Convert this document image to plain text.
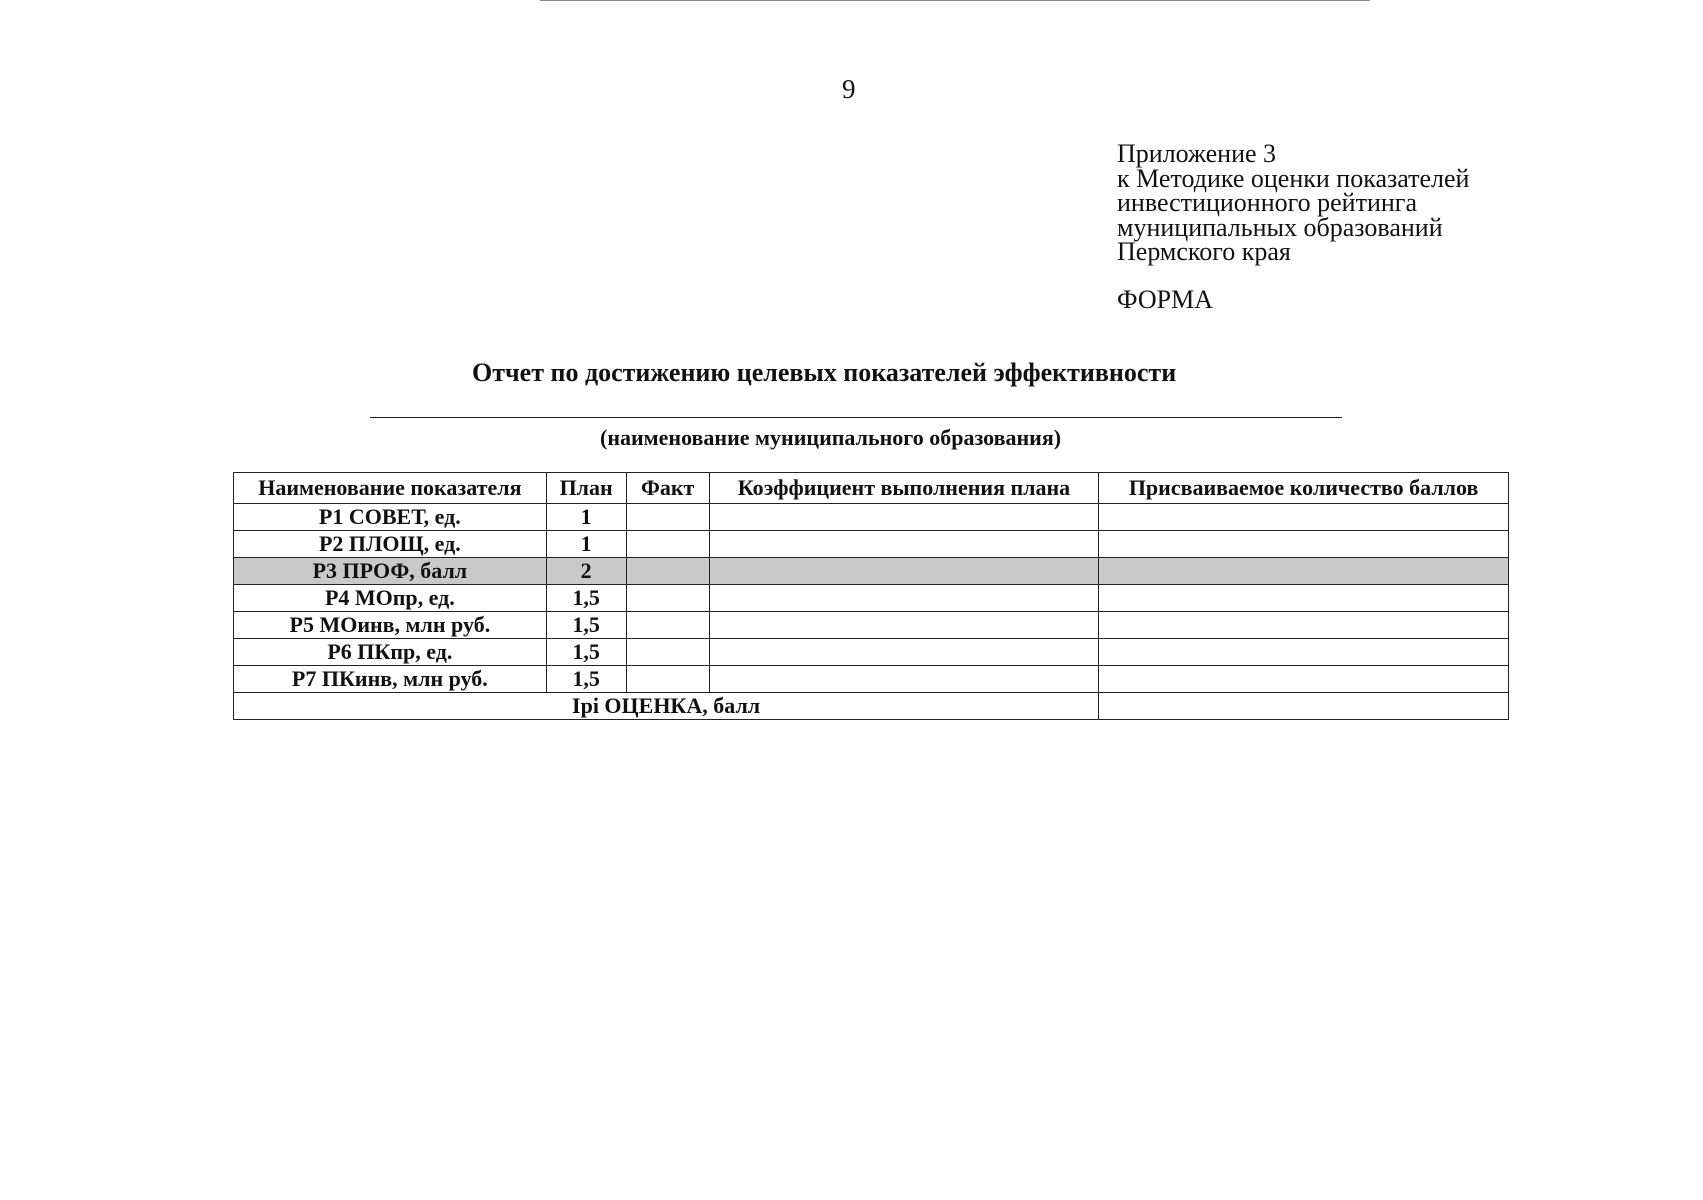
9
Приложение 3
к Методике оценки показателей
инвестиционного рейтинга
муниципальных образований
Пермского края
ФОРМА
Отчет по достижению целевых показателей эффективности
(наименование муниципального образования)
Наименование показателя	План	Факт	Коэффициент выполнения плана	Присваиваемое количество баллов
Р1 СОВЕТ, ед.	1			
Р2 ПЛОЩ, ед.	1			
Р3 ПРОФ, балл	2			
Р4 МОпр, ед.	1,5			
Р5 МОинв, млн руб.	1,5			
Р6 ПКпр, ед.	1,5			
Р7 ПКинв, млн руб.	1,5			
Ipi ОЦЕНКА, балл				
